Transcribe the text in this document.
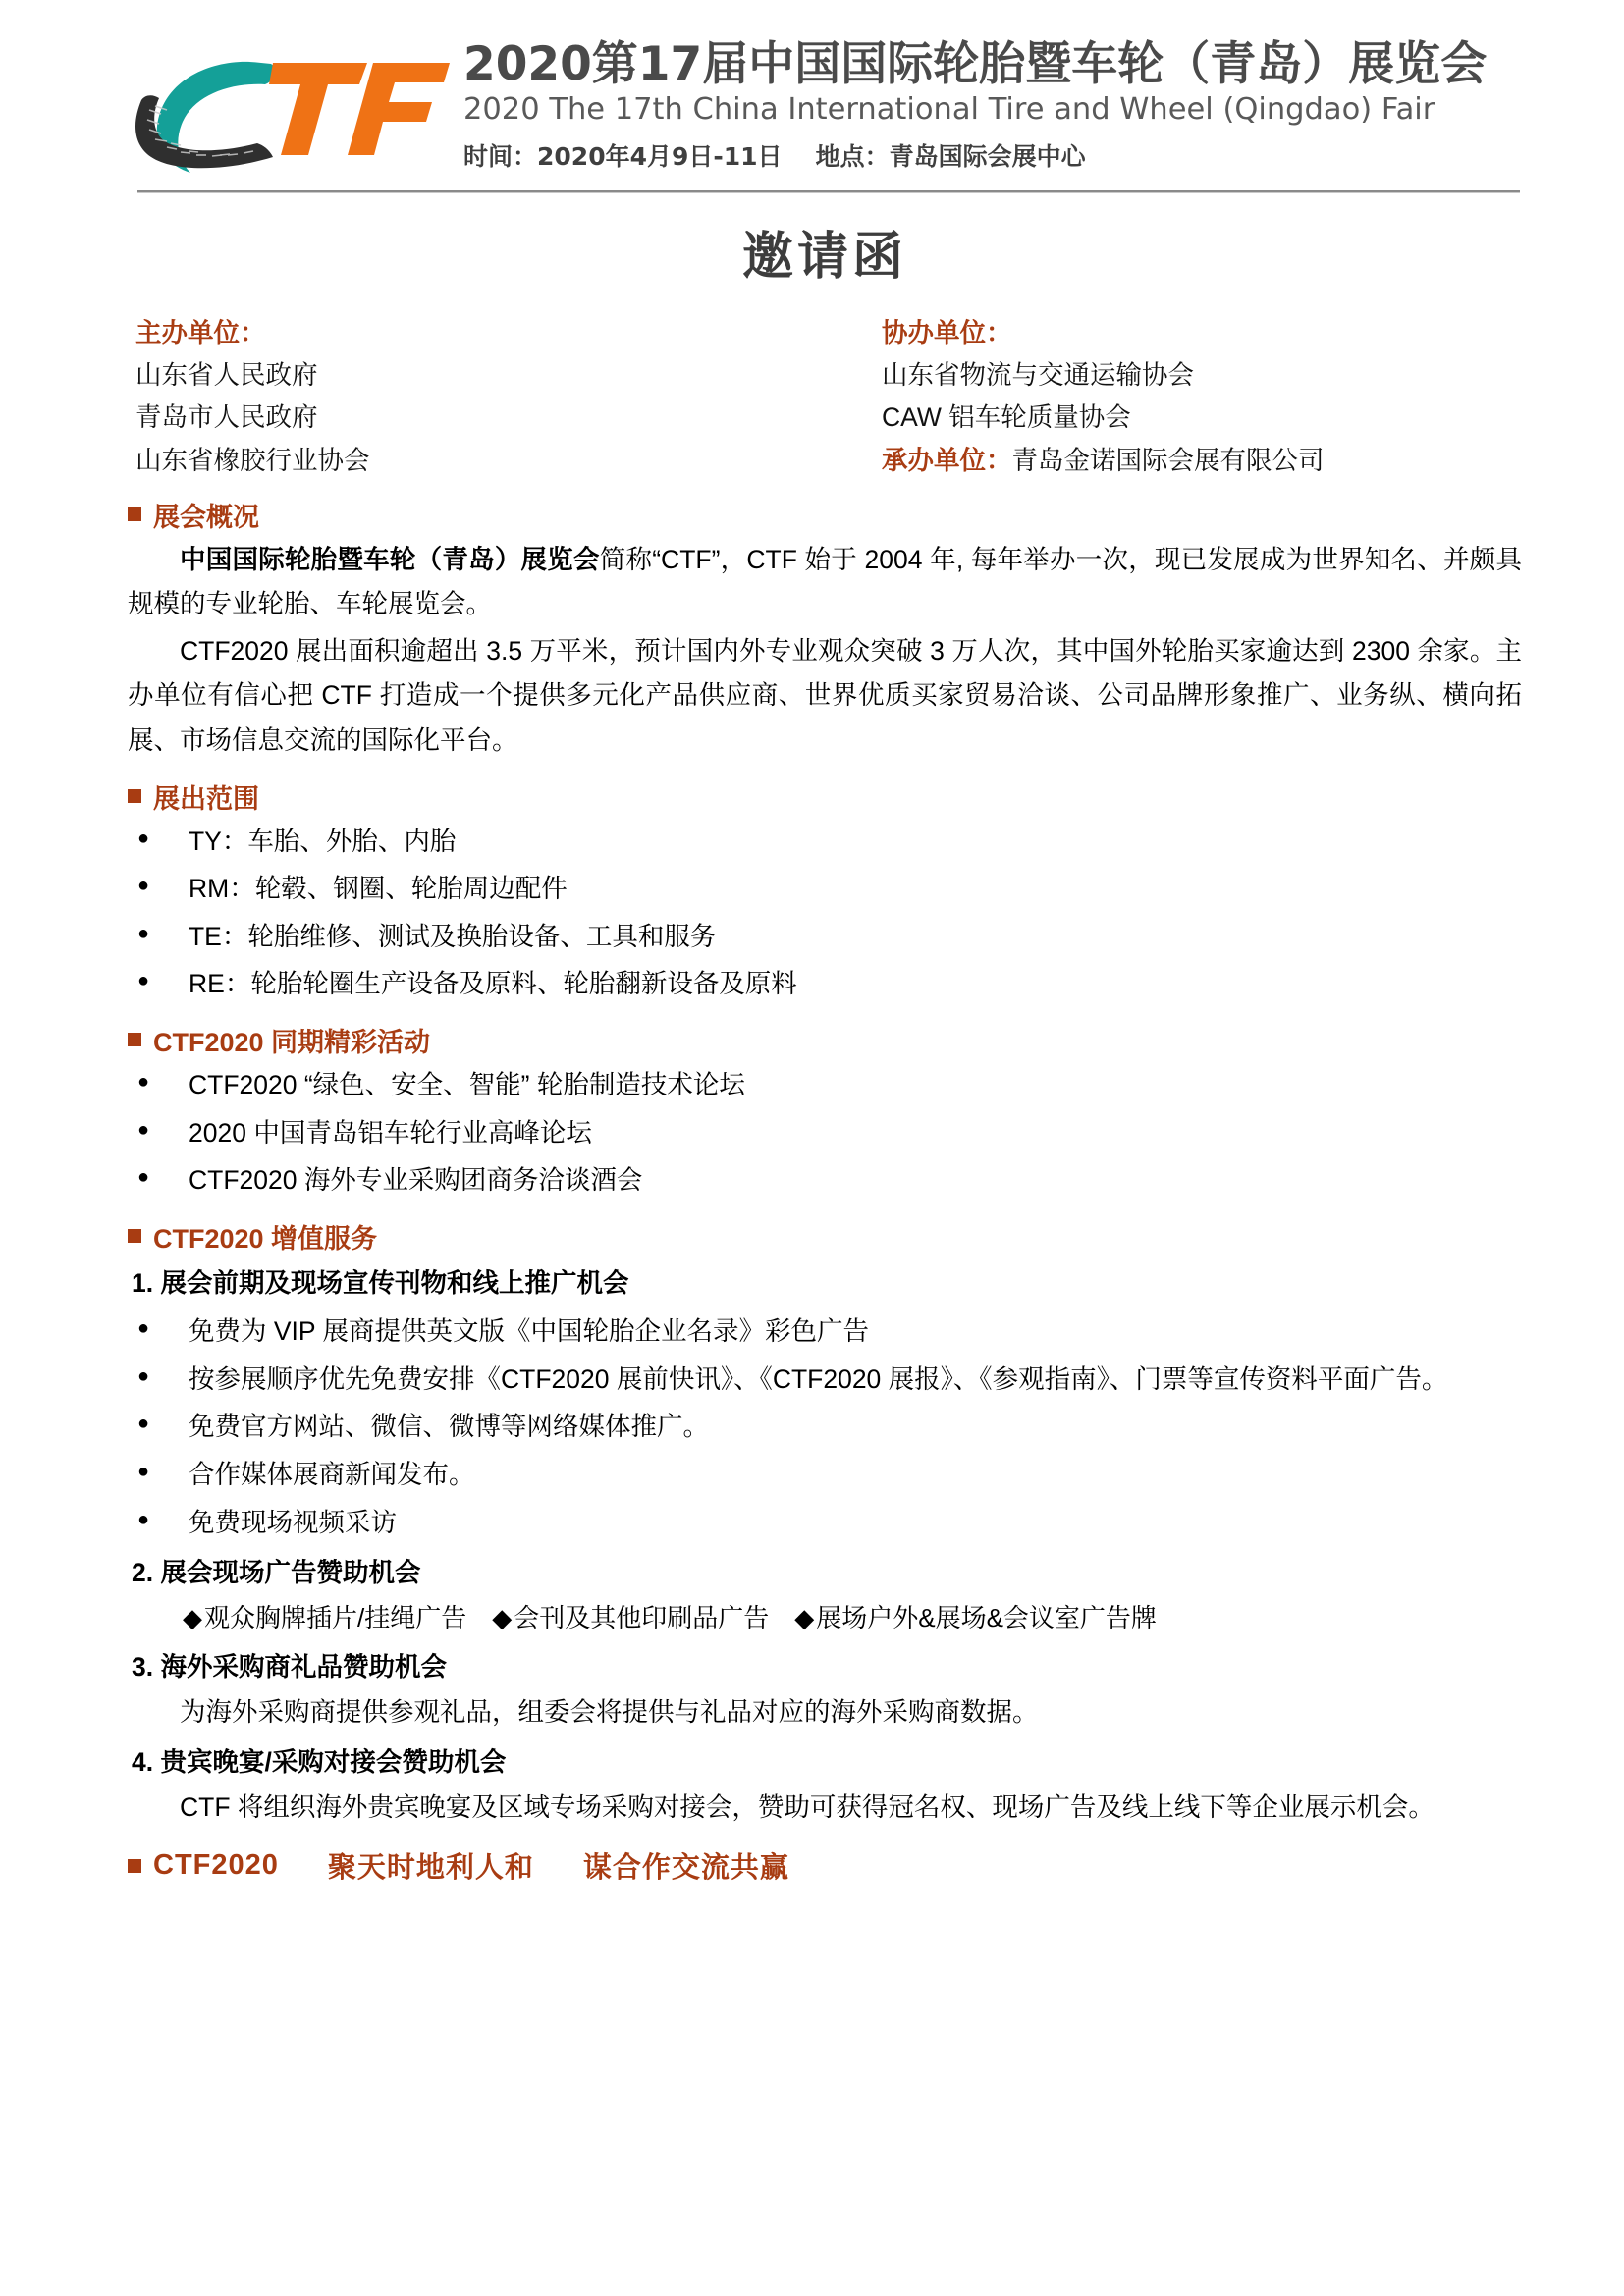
2020第17届中国国际轮胎暨车轮（青岛）展览会
2020 The 17th China International Tire and Wheel (Qingdao) Fair
时间：2020年4月9日-11日 地点：青岛国际会展中心
邀请函
主办单位：
山东省人民政府
青岛市人民政府
山东省橡胶行业协会
协办单位：
山东省物流与交通运输协会
CAW 铝车轮质量协会
承办单位：青岛金诺国际会展有限公司
展会概况

中国国际轮胎暨车轮（青岛）展览会简称“CTF”，CTF 始于 2004 年, 每年举办一次，现已发展成为世界知名、并颇具规模的专业轮胎、车轮展览会。

CTF2020 展出面积逾超出 3.5 万平米，预计国内外专业观众突破 3 万人次，其中国外轮胎买家逾达到 2300 余家。主办单位有信心把 CTF 打造成一个提供多元化产品供应商、世界优质买家贸易洽谈、公司品牌形象推广、业务纵、横向拓展、市场信息交流的国际化平台。

展出范围
● TY：车胎、外胎、内胎
● RM：轮毂、钢圈、轮胎周边配件
● TE：轮胎维修、测试及换胎设备、工具和服务
● RE：轮胎轮圈生产设备及原料、轮胎翻新设备及原料
CTF2020 同期精彩活动
● CTF2020 “绿色、安全、智能” 轮胎制造技术论坛
● 2020 中国青岛铝车轮行业高峰论坛
● CTF2020 海外专业采购团商务洽谈酒会
CTF2020 增值服务
1. 展会前期及现场宣传刊物和线上推广机会
● 免费为 VIP 展商提供英文版《中国轮胎企业名录》彩色广告
● 按参展顺序优先免费安排《CTF2020 展前快讯》、《CTF2020 展报》、《参观指南》、门票等宣传资料平面广告。
● 免费官方网站、微信、微博等网络媒体推广。
● 合作媒体展商新闻发布。
● 免费现场视频采访
2. 展会现场广告赞助机会
◆观众胸牌插片/挂绳广告 ◆会刊及其他印刷品广告 ◆展场户外&展场&会议室广告牌
3. 海外采购商礼品赞助机会
为海外采购商提供参观礼品，组委会将提供与礼品对应的海外采购商数据。
4. 贵宾晚宴/采购对接会赞助机会
CTF 将组织海外贵宾晚宴及区域专场采购对接会，赞助可获得冠名权、现场广告及线上线下等企业展示机会。
CTF2020 聚天时地利人和 谋合作交流共赢
